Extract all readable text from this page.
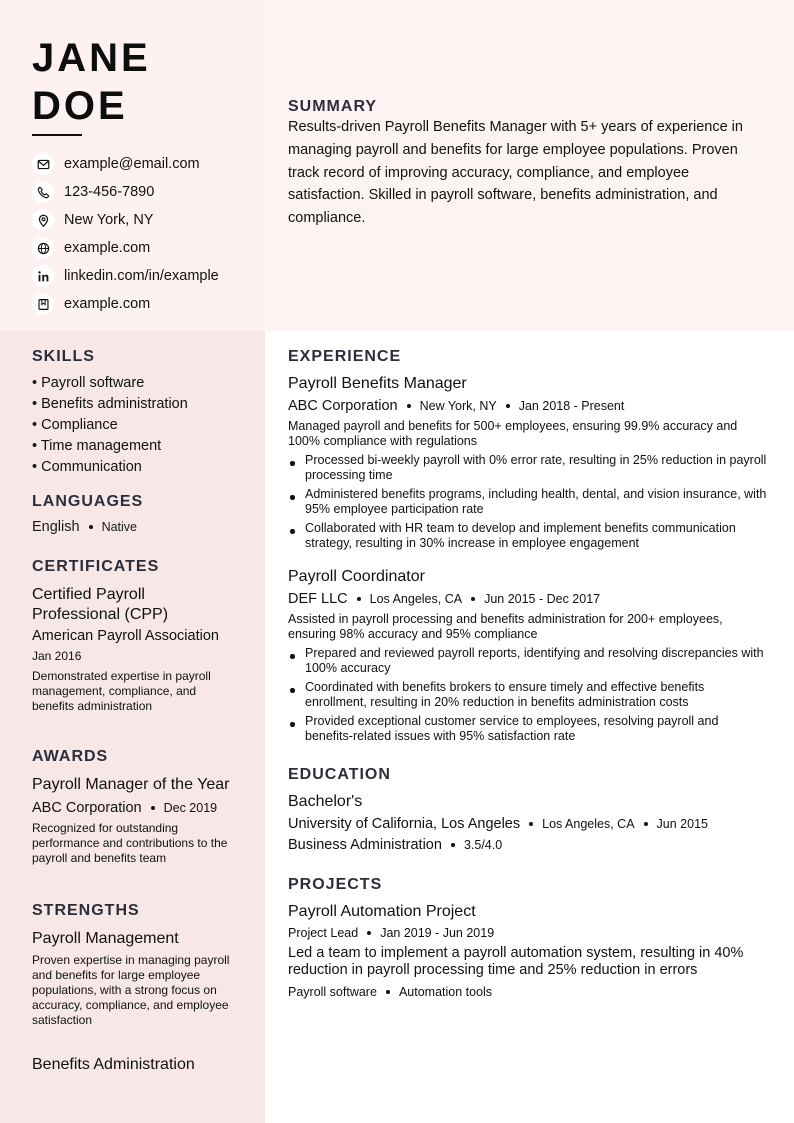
JANE
DOE
example@email.com
123-456-7890
New York, NY
example.com
linkedin.com/in/example
example.com
SUMMARY
Results-driven Payroll Benefits Manager with 5+ years of experience in managing payroll and benefits for large employee populations. Proven track record of improving accuracy, compliance, and employee satisfaction. Skilled in payroll software, benefits administration, and compliance.
SKILLS
• Payroll software
• Benefits administration
• Compliance
• Time management
• Communication
LANGUAGES
English Native
CERTIFICATES
Certified Payroll Professional (CPP)
American Payroll Association
Jan 2016
Demonstrated expertise in payroll management, compliance, and benefits administration
AWARDS
Payroll Manager of the Year
ABC Corporation Dec 2019
Recognized for outstanding performance and contributions to the payroll and benefits team
STRENGTHS
Payroll Management
Proven expertise in managing payroll and benefits for large employee populations, with a strong focus on accuracy, compliance, and employee satisfaction
Benefits Administration
EXPERIENCE
Payroll Benefits Manager
ABC Corporation New York, NY Jan 2018 - Present
Managed payroll and benefits for 500+ employees, ensuring 99.9% accuracy and 100% compliance with regulations
Processed bi-weekly payroll with 0% error rate, resulting in 25% reduction in payroll processing time
Administered benefits programs, including health, dental, and vision insurance, with 95% employee participation rate
Collaborated with HR team to develop and implement benefits communication strategy, resulting in 30% increase in employee engagement
Payroll Coordinator
DEF LLC Los Angeles, CA Jun 2015 - Dec 2017
Assisted in payroll processing and benefits administration for 200+ employees, ensuring 98% accuracy and 95% compliance
Prepared and reviewed payroll reports, identifying and resolving discrepancies with 100% accuracy
Coordinated with benefits brokers to ensure timely and effective benefits enrollment, resulting in 20% reduction in benefits administration costs
Provided exceptional customer service to employees, resolving payroll and benefits-related issues with 95% satisfaction rate
EDUCATION
Bachelor's
University of California, Los Angeles Los Angeles, CA Jun 2015
Business Administration 3.5/4.0
PROJECTS
Payroll Automation Project
Project Lead Jan 2019 - Jun 2019
Led a team to implement a payroll automation system, resulting in 40% reduction in payroll processing time and 25% reduction in errors
Payroll software Automation tools
